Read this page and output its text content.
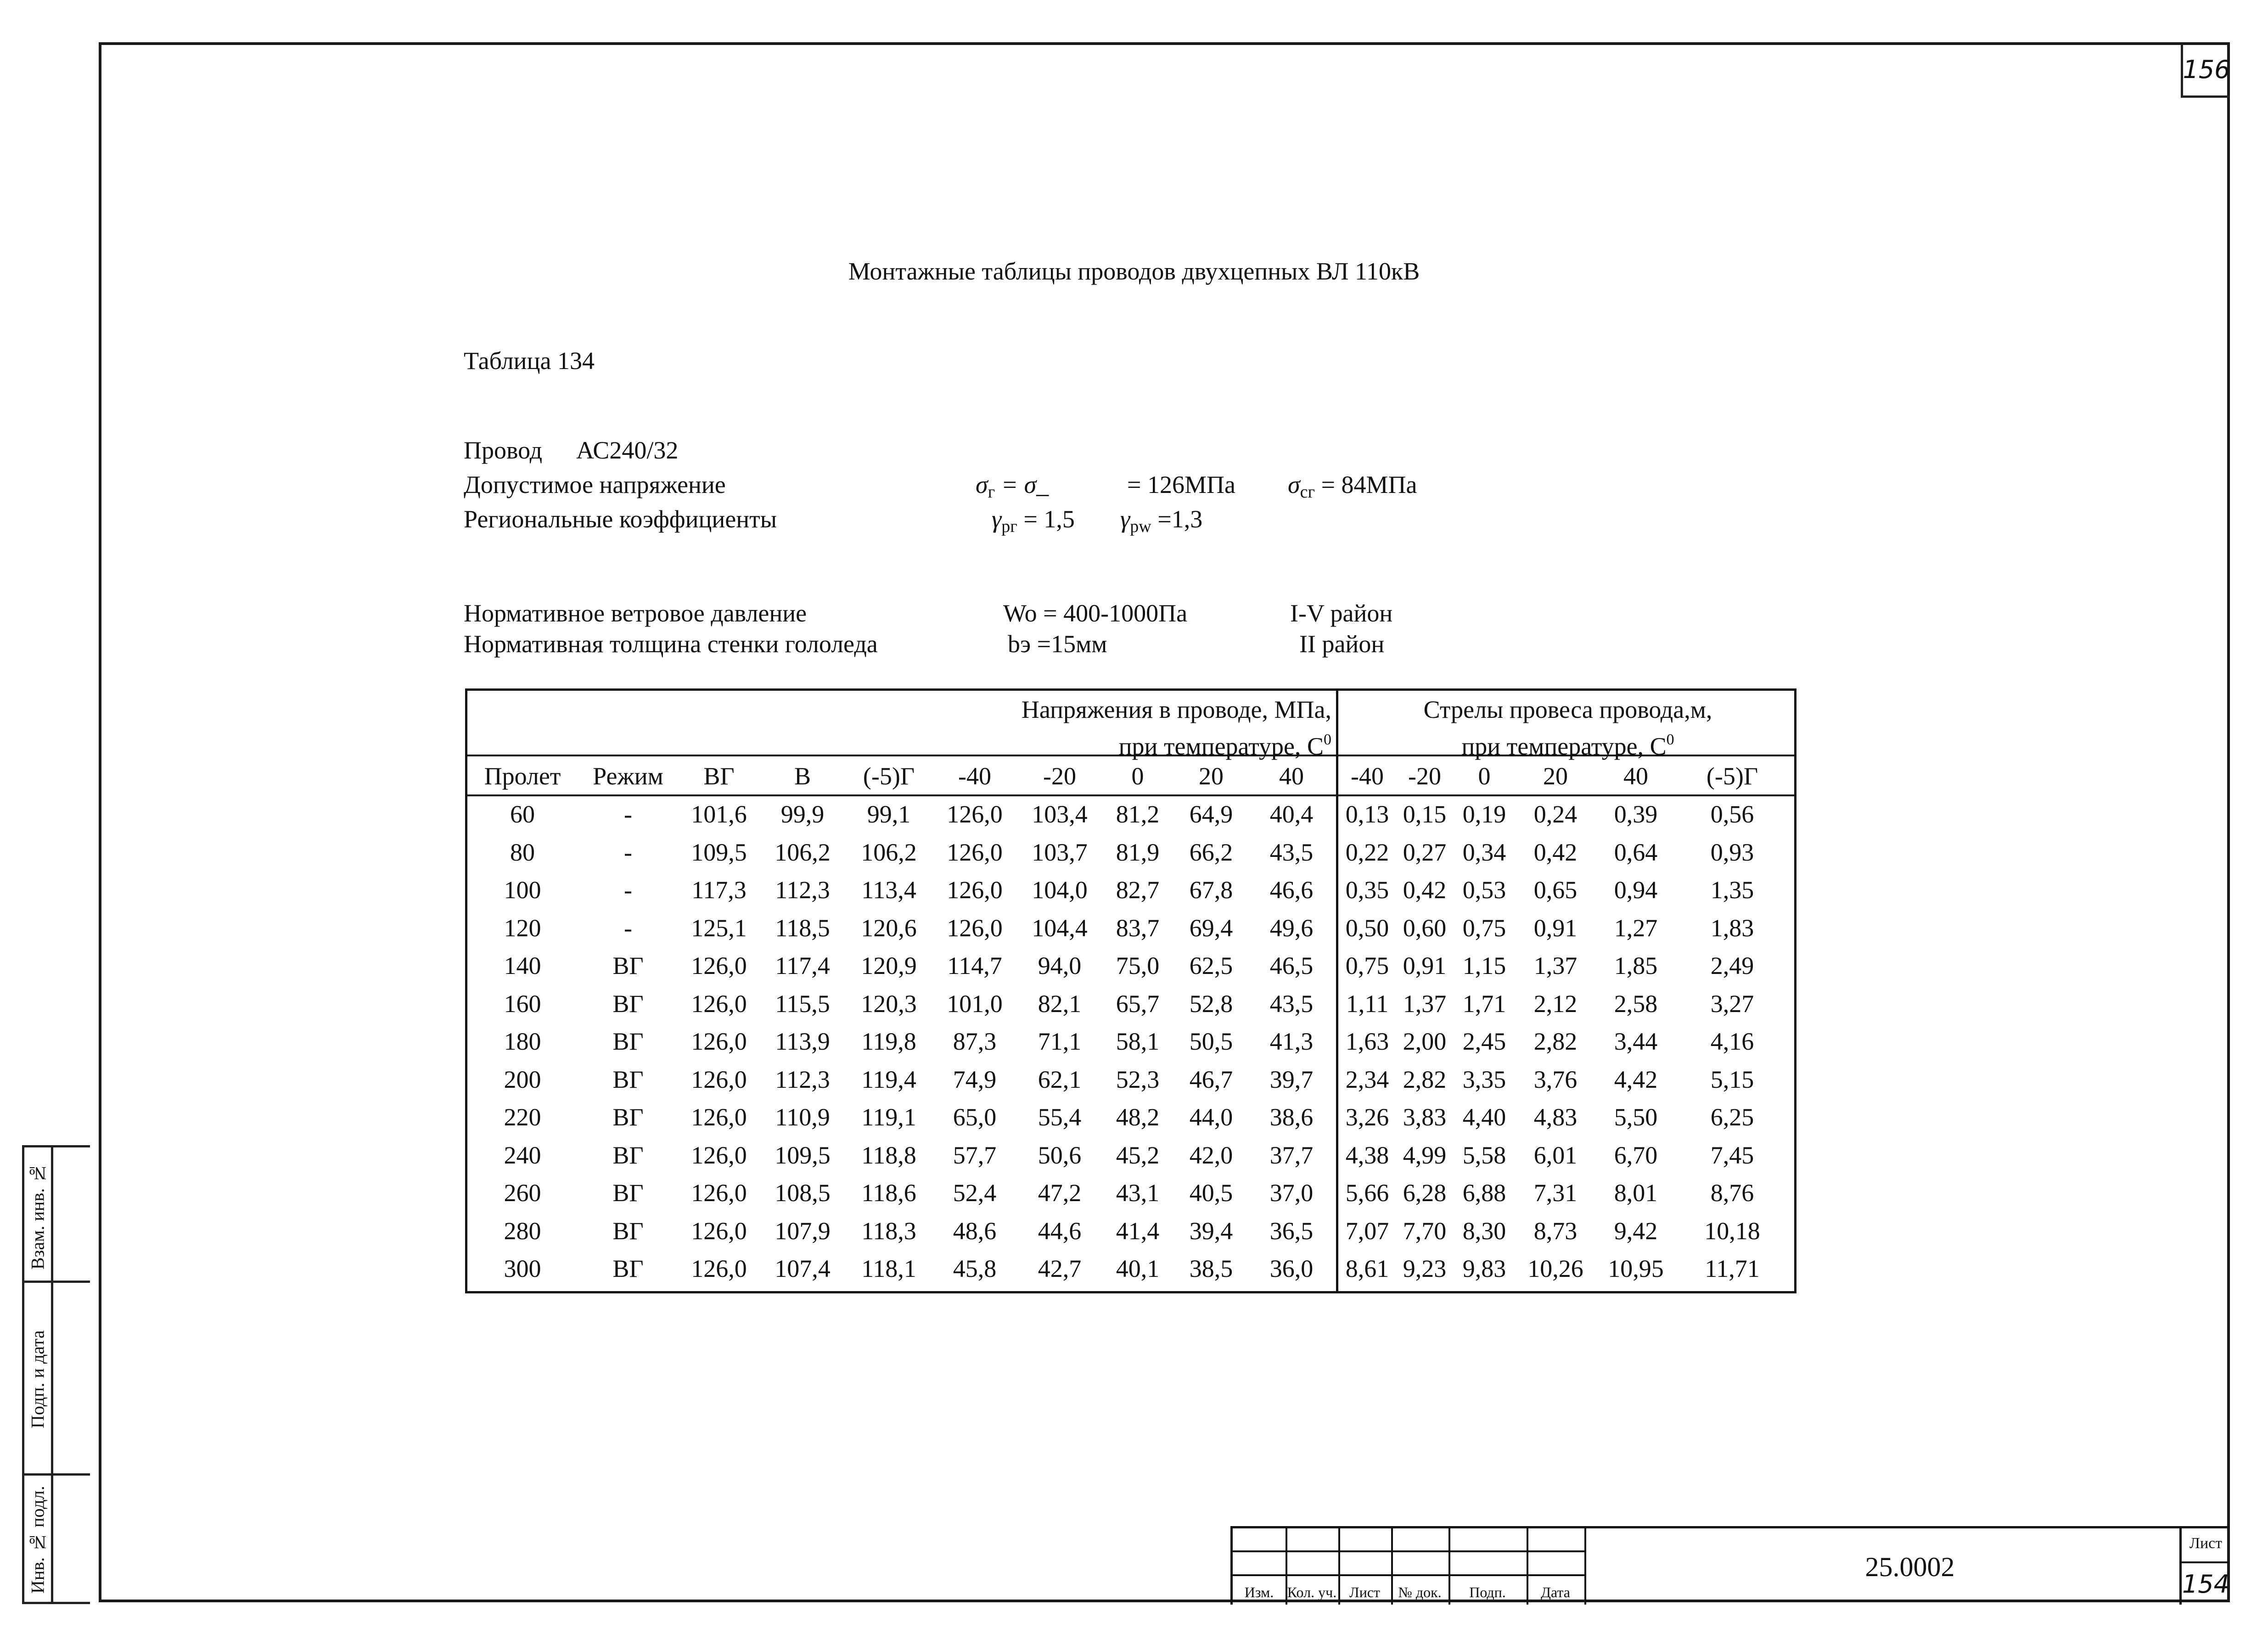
156
Монтажные таблицы проводов двухцепных ВЛ 110кВ
Таблица 134
Провод АС240/32
Допустимое напряжение	$\sigma_г$ = σ_	= 126МПа $\sigma_{сг} = 84МПа$
Региональные коэффициенты	$\gamma_{рг} = 1,5$ $\gamma_{pw} =1,3$
Нормативное ветровое давление	Wo = 400-1000Па	I-V район
Нормативная толщина стенки гололеда	bэ =15мм	II район
Напряжения в проводе, МПа,
при температуре, $С^0$
Стрелы провеса провода,м,
при температуре, $С^0$
Пролет	Режим	ВГ	В	(-5)Г	-40	-20	0	20	40	-40 -20	0	20	40	(-5)Г
60	-	101,6	99,9	99,1	126,0	103,4	81,2	64,9	40,4	0,13 0,15 0,19	0,24	0,39	0,56
80	-	109,5	106,2	106,2	126,0	103,7	81,9	66,2	43,5	0,22 0,27 0,34	0,42	0,64	0,93
100	-	117,3	112,3	113,4	126,0	104,0	82,7	67,8	46,6	0,35 0,42 0,53	0,65	0,94	1,35
120	-	125,1	118,5	120,6	126,0	104,4	83,7	69,4	49,6	0,50 0,60 0,75	0,91	1,27	1,83
140	ВГ	126,0	117,4	120,9	114,7	94,0	75,0	62,5	46,5	0,75 0,91 1,15	1,37	1,85	2,49
160	ВГ	126,0	115,5	120,3	101,0	82,1	65,7	52,8	43,5	1,11 1,37 1,71	2,12	2,58	3,27
180	ВГ	126,0	113,9	119,8	87,3	71,1	58,1	50,5	41,3	1,63 2,00 2,45	2,82	3,44	4,16
200	ВГ	126,0	112,3	119,4	74,9	62,1	52,3	46,7	39,7	2,34 2,82 3,35	3,76	4,42	5,15
220	ВГ	126,0	110,9	119,1	65,0	55,4	48,2	44,0	38,6	3,26 3,83 4,40	4,83	5,50	6,25
240	ВГ	126,0	109,5	118,8	57,7	50,6	45,2	42,0	37,7	4,38 4,99 5,58	6,01	6,70	7,45
260	ВГ	126,0	108,5	118,6	52,4	47,2	43,1	40,5	37,0	5,66 6,28 6,88	7,31	8,01	8,76
280	ВГ	126,0	107,9	118,3	48,6	44,6	41,4	39,4	36,5	7,07 7,70 8,30	8,73	9,42	10,18
300	ВГ	126,0	107,4	118,1	45,8	42,7	40,1	38,5	36,0	8,61 9,23 9,83 10,26 10,95	11,71
Взам. инв. №
Подп. и дата
Инв. № подл.	Изм. Кол. уч. Лист	№ док.	Подп.	Дата
25.0002
Лист
154
